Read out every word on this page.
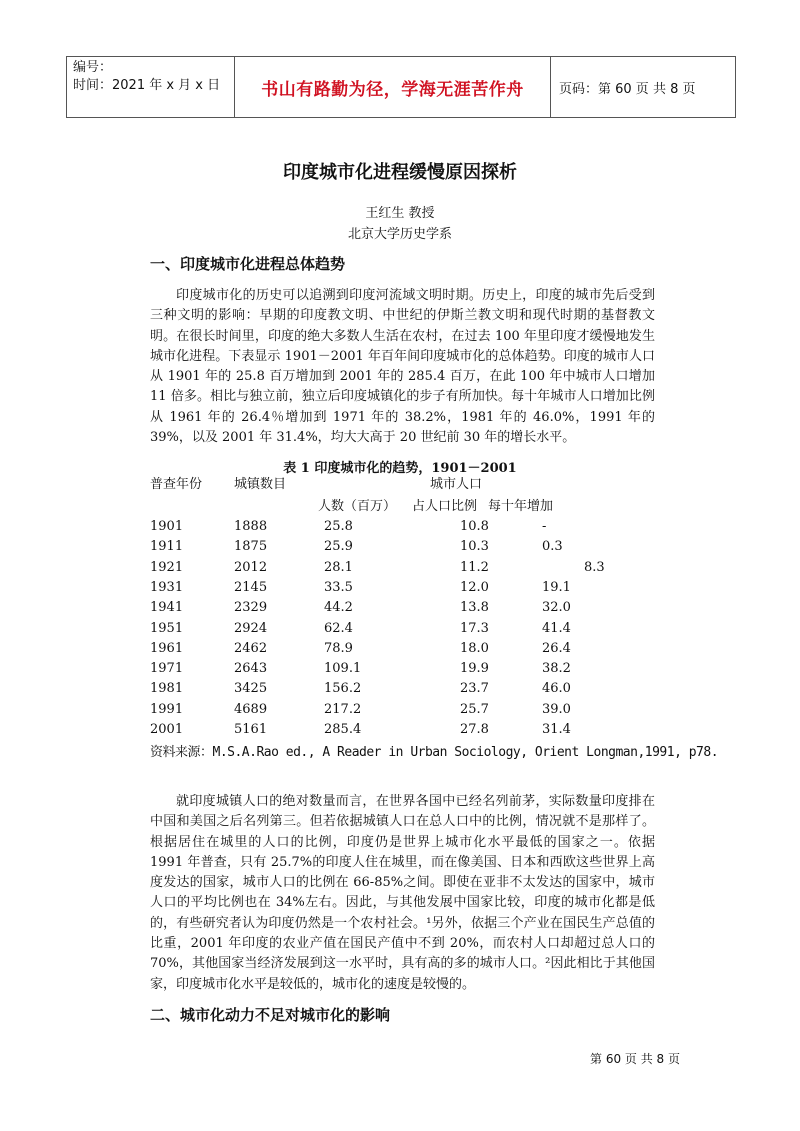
编号：
时间：2021 年 x 月 x 日	书山有路勤为径，学海无涯苦作舟	页码：第 60 页 共 8 页
印度城市化进程缓慢原因探析
王红生 教授
北京大学历史学系
一、印度城市化进程总体趋势

印度城市化的历史可以追溯到印度河流域文明时期。历史上，印度的城市先后受到三种文明的影响：早期的印度教文明、中世纪的伊斯兰教文明和现代时期的基督教文明。在很长时间里，印度的绝大多数人生活在农村，在过去 100 年里印度才缓慢地发生城市化进程。下表显示 1901－2001 年百年间印度城市化的总体趋势。印度的城市人口从 1901 年的 25.8 百万增加到 2001 年的 285.4 百万，在此 100 年中城市人口增加 11 倍多。相比与独立前，独立后印度城镇化的步子有所加快。每十年城市人口增加比例从 1961 年的 26.4％增加到 1971 年的 38.2%，1981 年的 46.0%，1991 年的 39%，以及 2001 年 31.4%，均大大高于 20 世纪前 30 年的增长水平。

表 1 印度城市化的趋势，1901－2001
普查年份 城镇数目	城市人口
人数（百万） 占人口比例 每十年增加
1901	1888	25.8	10.8	-
1911	1875	25.9	10.3	0.3
1921	2012	28.1	11.2	8.3
1931	2145	33.5	12.0	19.1
1941	2329	44.2	13.8	32.0
1951	2924	62.4	17.3	41.4
1961	2462	78.9	18.0	26.4
1971	2643	109.1	19.9	38.2
1981	3425	156.2	23.7	46.0
1991	4689	217.2	25.7	39.0
2001	5161	285.4	27.8	31.4
资料来源：M.S.A.Rao ed., A Reader in Urban Sociology, Orient Longman,1991, p78.

就印度城镇人口的绝对数量而言，在世界各国中已经名列前茅，实际数量印度排在中国和美国之后名列第三。但若依据城镇人口在总人口中的比例，情况就不是那样了。根据居住在城里的人口的比例，印度仍是世界上城市化水平最低的国家之一。依据 1991 年普查，只有 25.7%的印度人住在城里，而在像美国、日本和西欧这些世界上高度发达的国家，城市人口的比例在 66-85%之间。即使在亚非不太发达的国家中，城市人口的平均比例也在 34%左右。因此，与其他发展中国家比较，印度的城市化都是低的，有些研究者认为印度仍然是一个农村社会。¹另外，依据三个产业在国民生产总值的比重，2001 年印度的农业产值在国民产值中不到 20%，而农村人口却超过总人口的 70%，其他国家当经济发展到这一水平时，具有高的多的城市人口。²因此相比于其他国家，印度城市化水平是较低的，城市化的速度是较慢的。

二、城市化动力不足对城市化的影响
第 60 页 共 8 页
